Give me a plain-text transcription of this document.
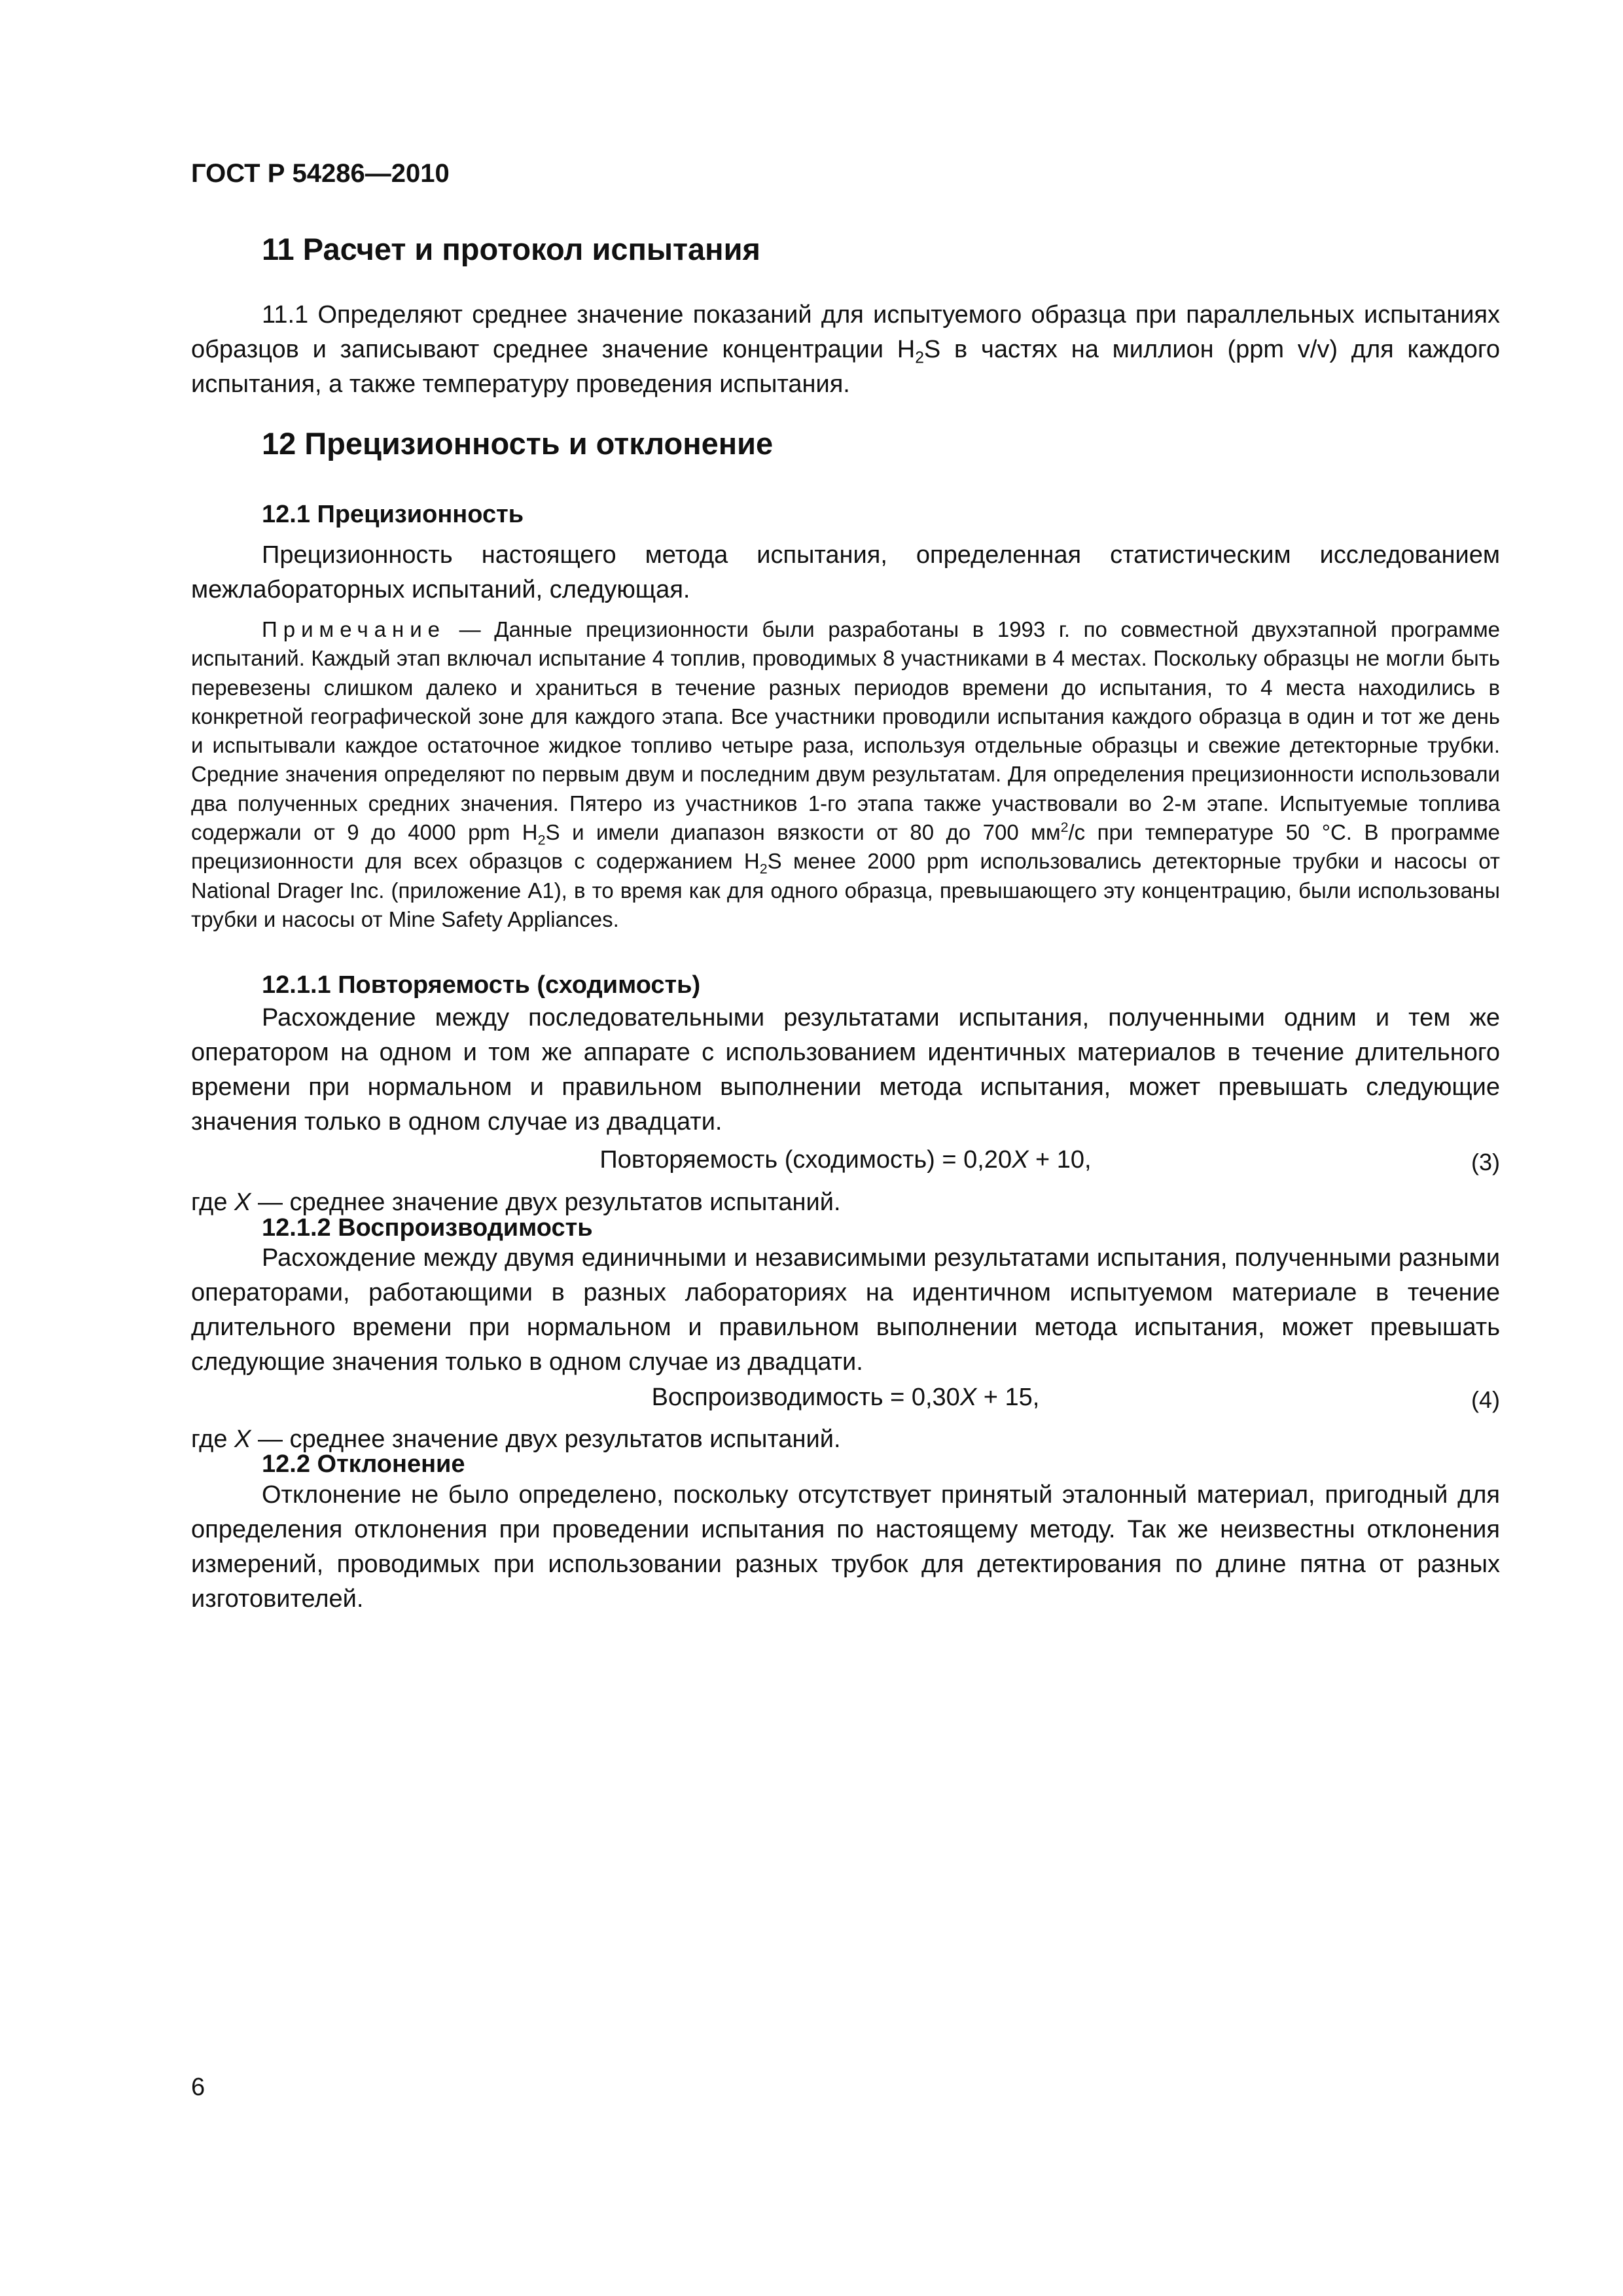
ГОСТ Р 54286—2010
11 Расчет и протокол испытания

11.1 Определяют среднее значение показаний для испытуемого образца при параллельных испытаниях образцов и записывают среднее значение концентрации $H_2S$ в частях на миллион (ppm v/v) для каждого испытания, а также температуру проведения испытания.

12 Прецизионность и отклонение
12.1 Прецизионность

Прецизионность настоящего метода испытания, определенная статистическим исследованием межлабораторных испытаний, следующая.

Примечание — Данные прецизионности были разработаны в 1993 г. по совместной двухэтапной программе испытаний. Каждый этап включал испытание 4 топлив, проводимых 8 участниками в 4 местах. Поскольку образцы не могли быть перевезены слишком далеко и храниться в течение разных периодов времени до испытания, то 4 места находились в конкретной географической зоне для каждого этапа. Все участники проводили испытания каждого образца в один и тот же день и испытывали каждое остаточное жидкое топливо четыре раза, используя отдельные образцы и свежие детекторные трубки. Средние значения определяют по первым двум и последним двум результатам. Для определения прецизионности использовали два полученных средних значения. Пятеро из участников 1-го этапа также участвовали во 2-м этапе. Испытуемые топлива содержали от 9 до 4000 ppm $H_2S$ и имели диапазон вязкости от 80 до 700 $мм^2/с$ при температуре 50 °С. В программе прецизионности для всех образцов с содержанием $H_2S$ менее 2000 ppm использовались детекторные трубки и насосы от National Drager Inc. (приложение А1), в то время как для одного образца, превышающего эту концентрацию, были использованы трубки и насосы от Mine Safety Appliances.

12.1.1 Повторяемость (сходимость)

Расхождение между последовательными результатами испытания, полученными одним и тем же оператором на одном и том же аппарате с использованием идентичных материалов в течение длительного времени при нормальном и правильном выполнении метода испытания, может превышать следующие значения только в одном случае из двадцати.

Повторяемость (сходимость) = 0,20X + 10,	(3)

где X — среднее значение двух результатов испытаний.

12.1.2 Воспроизводимость

Расхождение между двумя единичными и независимыми результатами испытания, полученными разными операторами, работающими в разных лабораториях на идентичном испытуемом материале в течение длительного времени при нормальном и правильном выполнении метода испытания, может превышать следующие значения только в одном случае из двадцати.

Воспроизводимость = 0,30X + 15,	(4)

где X — среднее значение двух результатов испытаний.

12.2 Отклонение

Отклонение не было определено, поскольку отсутствует принятый эталонный материал, пригодный для определения отклонения при проведении испытания по настоящему методу. Так же неизвестны отклонения измерений, проводимых при использовании разных трубок для детектирования по длине пятна от разных изготовителей.

6
